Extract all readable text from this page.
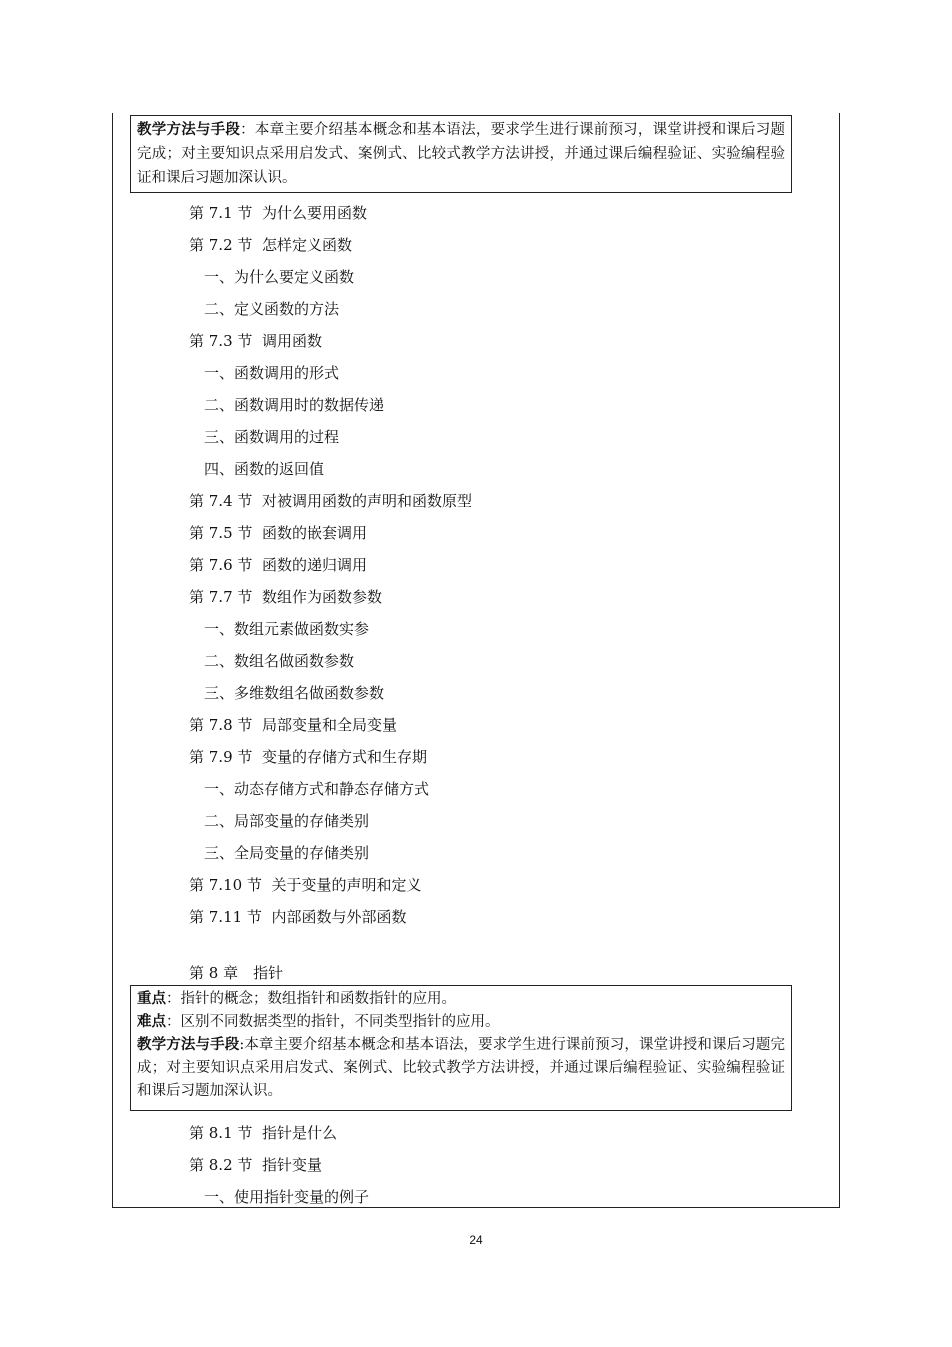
教学方法与手段：本章主要介绍基本概念和基本语法，要求学生进行课前预习，课堂讲授和课后习题完成；对主要知识点采用启发式、案例式、比较式教学方法讲授，并通过课后编程验证、实验编程验证和课后习题加深认识。
第 7.1 节 为什么要用函数
第 7.2 节 怎样定义函数
一、为什么要定义函数
二、定义函数的方法
第 7.3 节 调用函数
一、函数调用的形式
二、函数调用时的数据传递
三、函数调用的过程
四、函数的返回值
第 7.4 节 对被调用函数的声明和函数原型
第 7.5 节 函数的嵌套调用
第 7.6 节 函数的递归调用
第 7.7 节 数组作为函数参数
一、数组元素做函数实参
二、数组名做函数参数
三、多维数组名做函数参数
第 7.8 节 局部变量和全局变量
第 7.9 节 变量的存储方式和生存期
一、动态存储方式和静态存储方式
二、局部变量的存储类别
三、全局变量的存储类别
第 7.10 节 关于变量的声明和定义
第 7.11 节 内部函数与外部函数
第 8 章　指针
重点：指针的概念；数组指针和函数指针的应用。
难点：区别不同数据类型的指针，不同类型指针的应用。
教学方法与手段:本章主要介绍基本概念和基本语法，要求学生进行课前预习，课堂讲授和课后习题完成；对主要知识点采用启发式、案例式、比较式教学方法讲授，并通过课后编程验证、实验编程验证和课后习题加深认识。
第 8.1 节 指针是什么
第 8.2 节 指针变量
一、使用指针变量的例子
24
